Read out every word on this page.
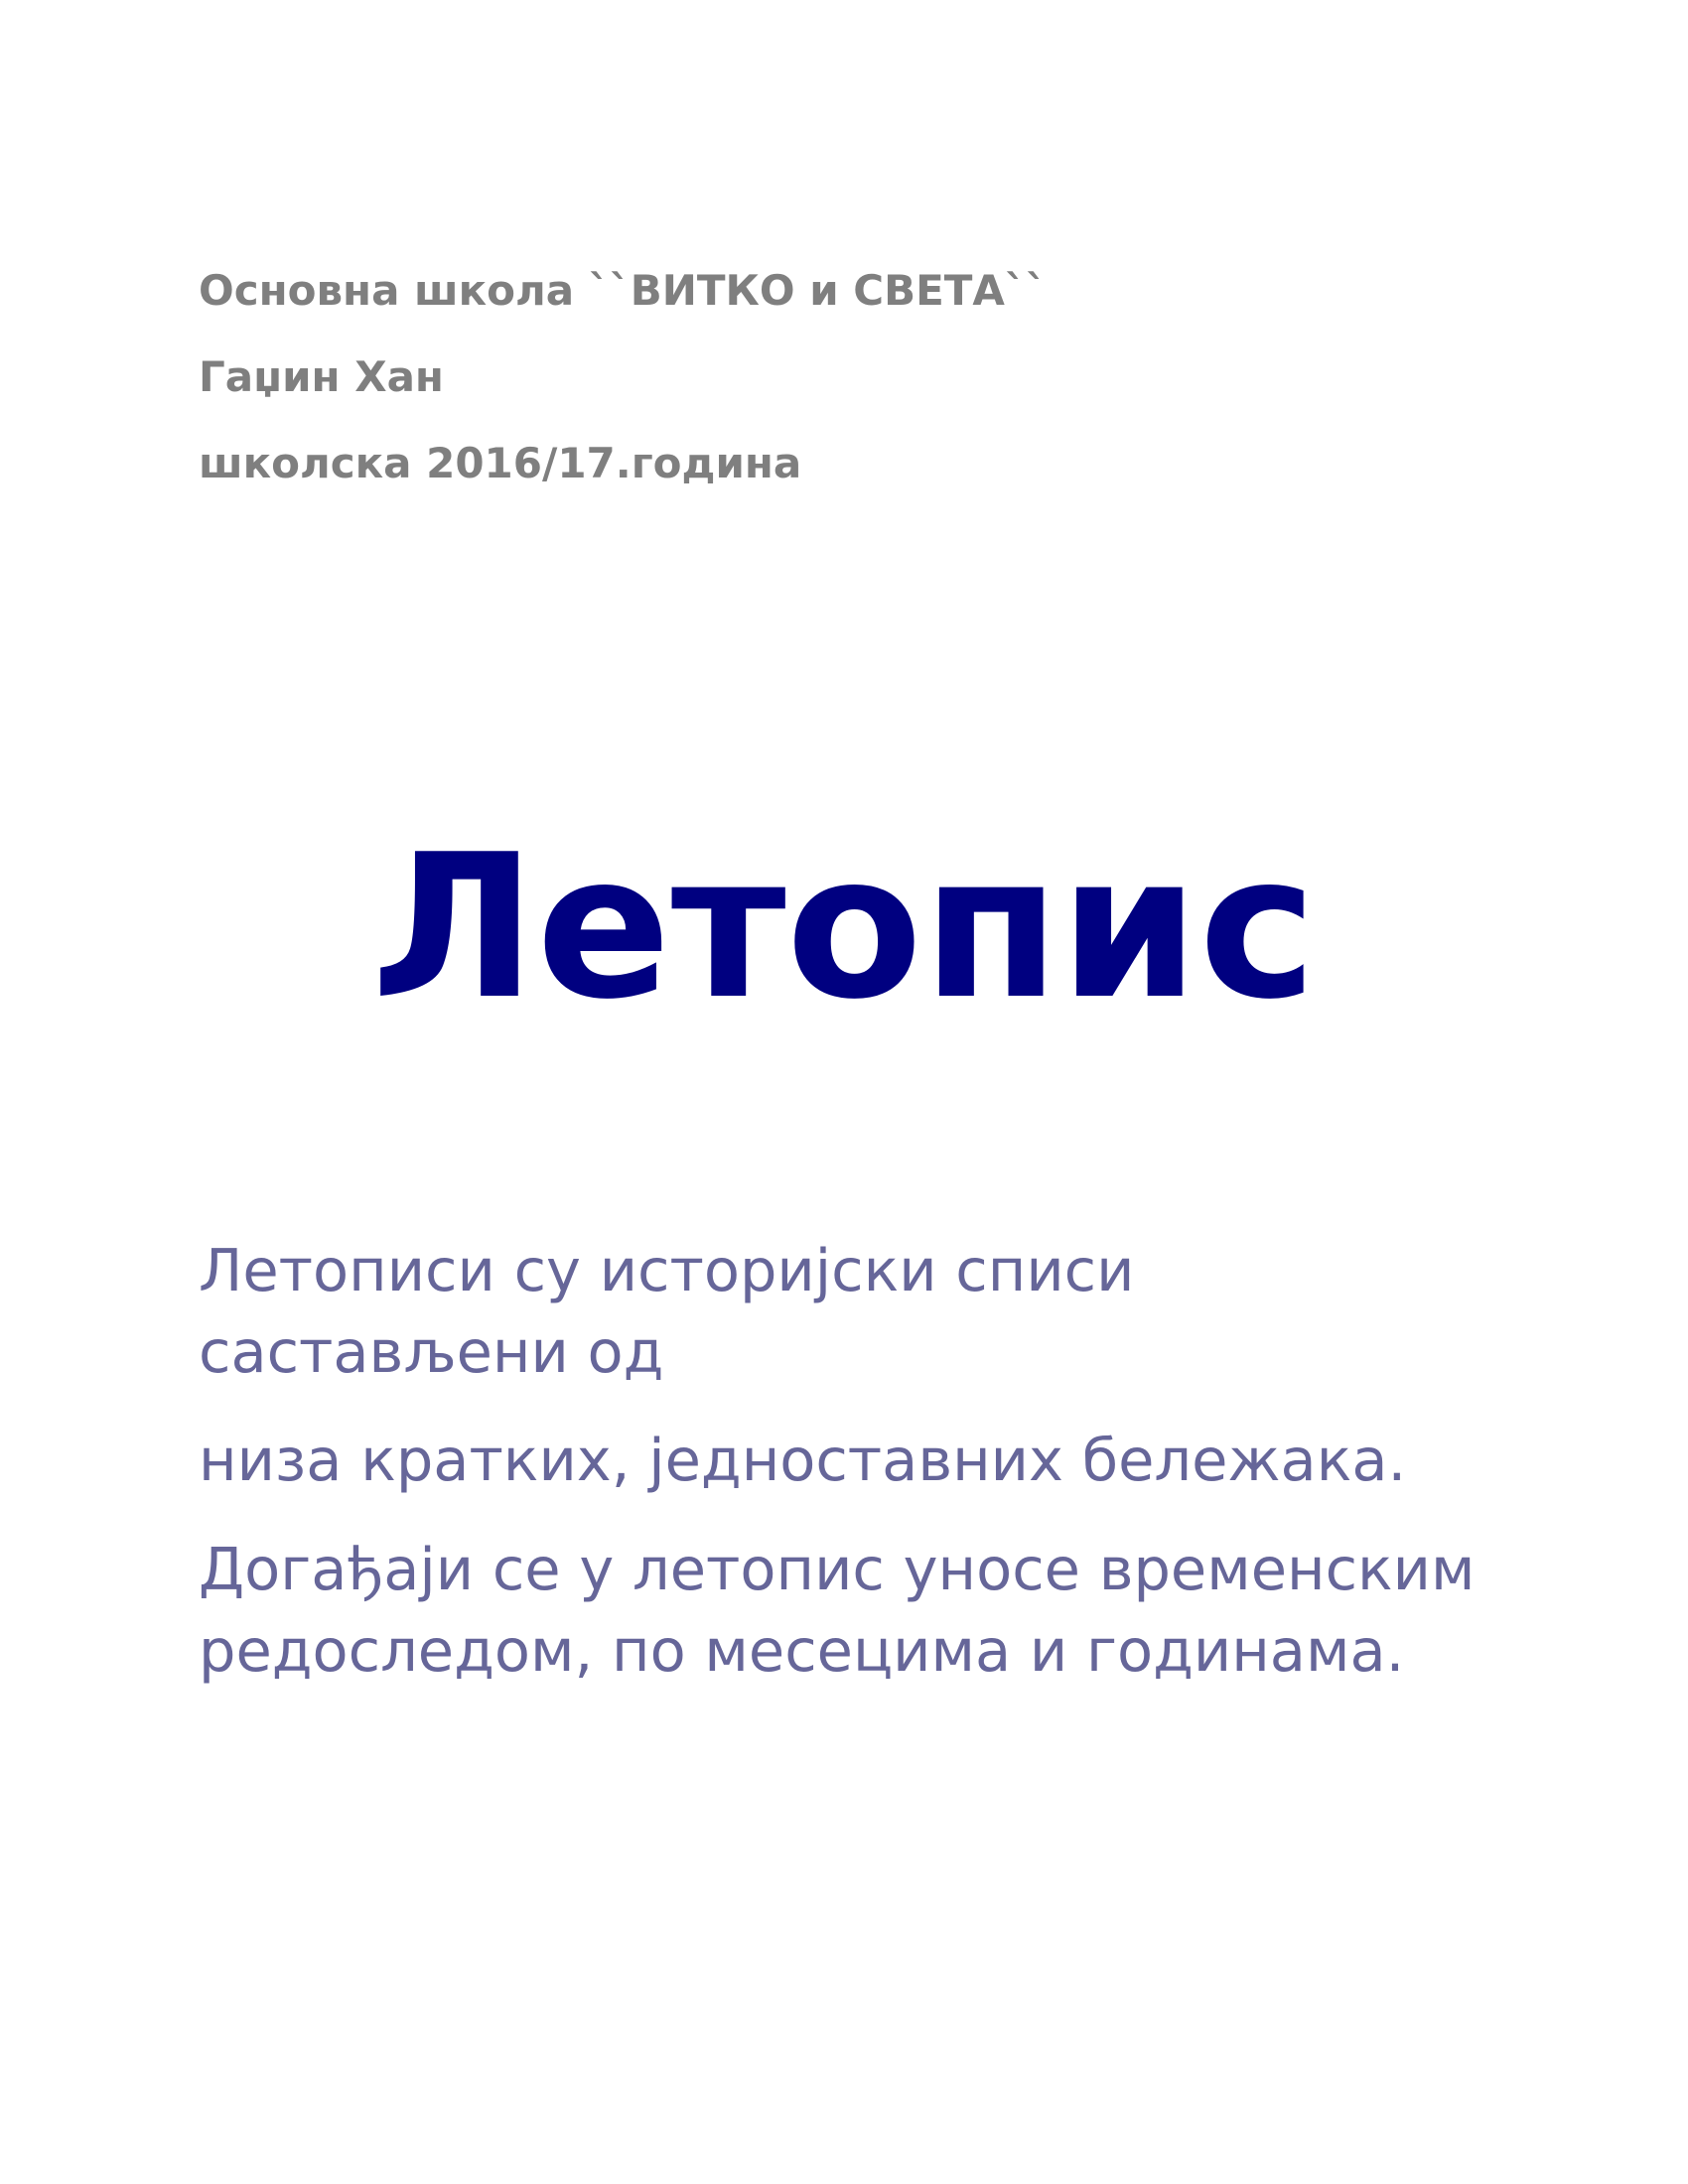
Основна школа ``ВИТКО и СВЕТА``
Гаџин Хан
школска 2016/17.година
Летопис
Летописи су историјски списи састављени од
низа кратких, једноставних бележака.
Догађаји се у летопис уносе временским редоследом, по месецима и годинама.
